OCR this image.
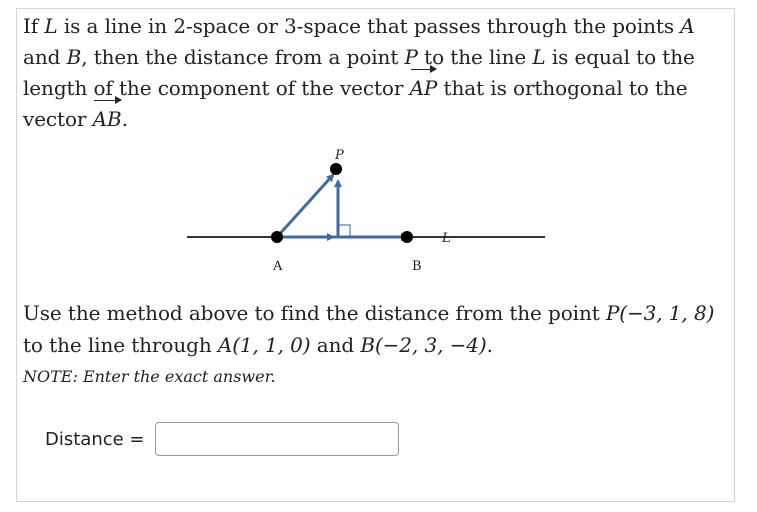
If L is a line in 2-space or 3-space that passes through the points A and B, then the distance from a point P to the line L is equal to the length of the component of the vector AP that is orthogonal to the vector AB.
P
A	B
L
Use the method above to find the distance from the point P(−3, 1, 8) to the line through A(1, 1, 0) and B(−2, 3, −4).
NOTE: Enter the exact answer.
Distance =
